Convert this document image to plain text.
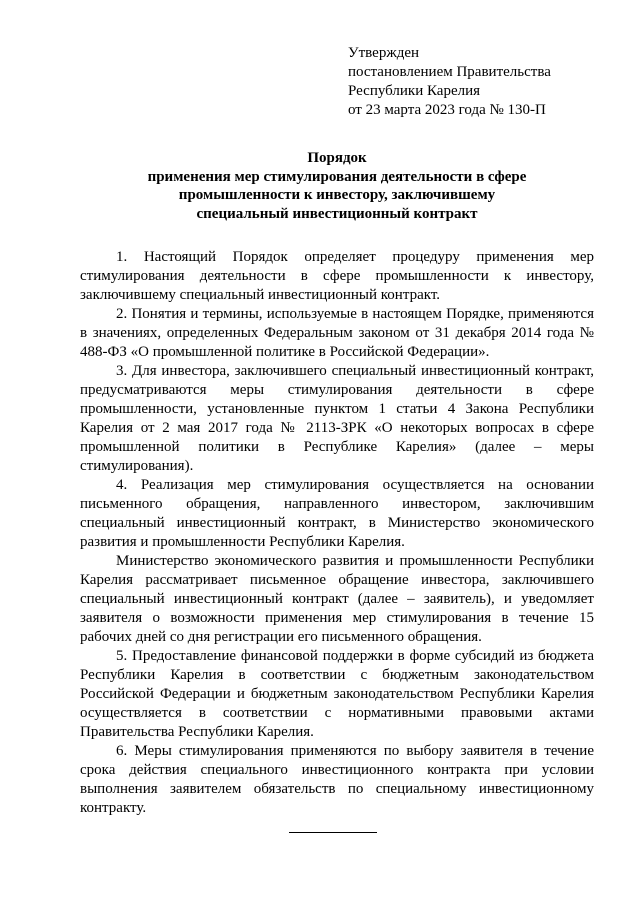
Утвержден
постановлением Правительства
Республики Карелия
от 23 марта 2023 года № 130-П
Порядок
применения мер стимулирования деятельности в сфере
промышленности к инвестору, заключившему
специальный инвестиционный контракт

1. Настоящий Порядок определяет процедуру применения мер стимулирования деятельности в сфере промышленности к инвестору, заключившему специальный инвестиционный контракт.

2. Понятия и термины, используемые в настоящем Порядке, применяются в значениях, определенных Федеральным законом от 31 декабря 2014 года № 488-ФЗ «О промышленной политике в Российской Федерации».

3. Для инвестора, заключившего специальный инвестиционный контракт, предусматриваются меры стимулирования деятельности в сфере промышленности, установленные пунктом 1 статьи 4 Закона Республики Карелия от 2 мая 2017 года № 2113-ЗРК «О некоторых вопросах в сфере промышленной политики в Республике Карелия» (далее – меры стимулирования).

4. Реализация мер стимулирования осуществляется на основании письменного обращения, направленного инвестором, заключившим специальный инвестиционный контракт, в Министерство экономического развития и промышленности Республики Карелия.

Министерство экономического развития и промышленности Республики Карелия рассматривает письменное обращение инвестора, заключившего специальный инвестиционный контракт (далее – заявитель), и уведомляет заявителя о возможности применения мер стимулирования в течение 15 рабочих дней со дня регистрации его письменного обращения.

5. Предоставление финансовой поддержки в форме субсидий из бюджета Республики Карелия в соответствии с бюджетным законодательством Российской Федерации и бюджетным законодательством Республики Карелия осуществляется в соответствии с нормативными правовыми актами Правительства Республики Карелия.

6. Меры стимулирования применяются по выбору заявителя в течение срока действия специального инвестиционного контракта при условии выполнения заявителем обязательств по специальному инвестиционному контракту.
